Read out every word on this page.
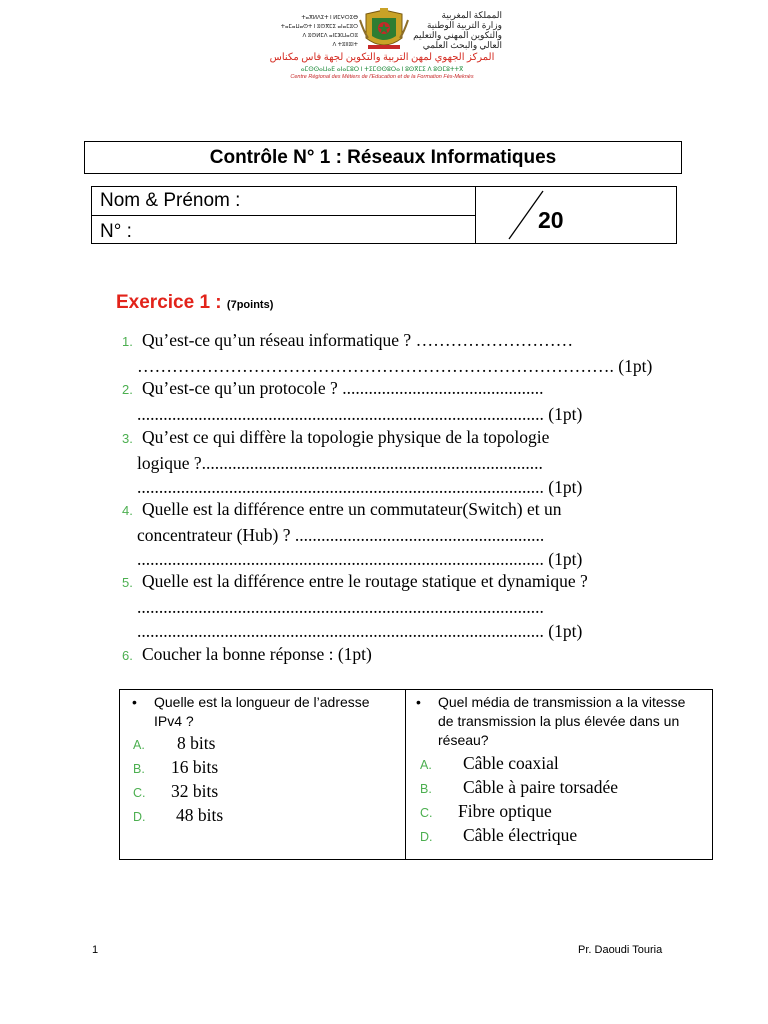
ⵜⴰⴳⵍⴷⵉⵜ ⵏ ⵍⵎⵖⵔⵉⴱ
ⵜⴰⵎⴰⵡⴰⵙⵜ ⵏ ⵓⵙⴳⵎⵉ ⴰⵏⴰⵎⵓⵔ
ⴷ ⵓⵙⵍⵎⴷ ⴰⵏⵎⵣⵡⴰⵔⵓ
ⴷ ⵜⵓⵏⵏⵓⵏⵜ
المملكة المغربية
وزارة التربية الوطنية
والتكوين المهني والتعليم
العالي والبحث العلمي
المركز الجهوي لمهن التربية والتكوين لجهة فاس مكناس
ⴰⵎⵙⵙⴰⵡⴰⴹ ⴰⵏⴰⵎⵓⵔ ⵏ ⵜⵉⵎⵙⵙⵓⵔⴰ ⵏ ⵓⵙⴳⵎⵉ ⴷ ⵓⵙⵎⵓⵜⵜⴳ
Centre Régional des Métiers de l'Education et de la Formation Fès-Meknès
Contrôle N° 1 : Réseaux Informatiques
Nom & Prénom :
N° :	20
Exercice 1 : (7points)
1. Qu’est-ce qu’un réseau informatique ? ………………………
………………………………………………………………………. (1pt)
2. Qu’est-ce qu’un protocole ? ..............................................
............................................................................................. (1pt)
3. Qu’est ce qui diffère la topologie physique de la topologie
logique ?..............................................................................
............................................................................................. (1pt)
4. Quelle est la différence entre un commutateur(Switch) et un
concentrateur (Hub) ? .........................................................
............................................................................................. (1pt)
5. Quelle est la différence entre le routage statique et dynamique ?
.............................................................................................
............................................................................................. (1pt)
6. Coucher la bonne réponse : (1pt)
• Quelle est la longueur de l’adresse
IPv4 ?
A. 8 bits
B. 16 bits
C. 32 bits
D. 48 bits
• Quel média de transmission a la vitesse
de transmission la plus élevée dans un
réseau?
A. Câble coaxial
B. Câble à paire torsadée
C. Fibre optique
D. Câble électrique
1	Pr. Daoudi Touria
